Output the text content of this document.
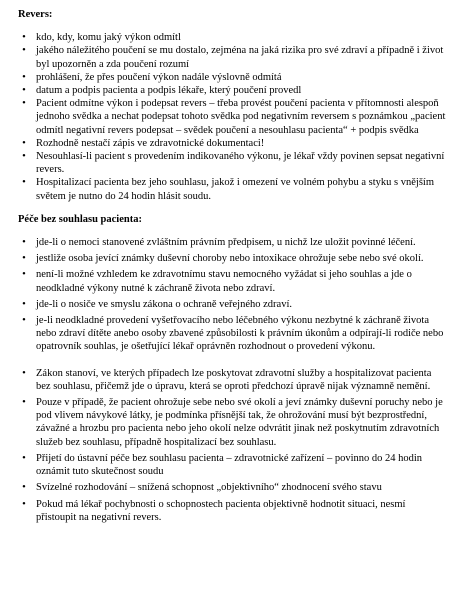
Revers:

• kdo, kdy, komu jaký výkon odmítl
• jakého náležitého poučení se mu dostalo, zejména na jaká rizika pro své zdraví a případně i život byl upozorněn a zda poučení rozumí
• prohlášení, že přes poučení výkon nadále výslovně odmítá
• datum a podpis pacienta a podpis lékaře, který poučení provedl
• Pacient odmítne výkon i podepsat revers – třeba provést poučení pacienta v přítomnosti alespoň jednoho svědka a nechat podepsat tohoto svědka pod negativním reversem s poznámkou „pacient odmítl negativní revers podepsat – svědek poučení a nesouhlasu pacienta“ + podpis svědka
• Rozhodně nestačí zápis ve zdravotnické dokumentaci!
• Nesouhlasí-li pacient s provedením indikovaného výkonu, je lékař vždy povinen sepsat negativní revers.
• Hospitalizací pacienta bez jeho souhlasu, jakož i omezení ve volném pohybu a styku s vnějším světem je nutno do 24 hodin hlásit soudu.

Péče bez souhlasu pacienta:

• jde-li o nemoci stanovené zvláštním právním předpisem, u nichž lze uložit povinné léčení.
• jestliže osoba jevící známky duševní choroby nebo intoxikace ohrožuje sebe nebo své okolí.
• není-li možné vzhledem ke zdravotnímu stavu nemocného vyžádat si jeho souhlas a jde o neodkladné výkony nutné k záchraně života nebo zdraví.
• jde-li o nosiče ve smyslu zákona o ochraně veřejného zdraví.
• je-li neodkladné provedení vyšetřovacího nebo léčebného výkonu nezbytné k záchraně života nebo zdraví dítěte anebo osoby zbavené způsobilosti k právním úkonům a odpírají-li rodiče nebo opatrovník souhlas, je ošetřující lékař oprávněn rozhodnout o provedení výkonu.
• Zákon stanoví, ve kterých případech lze poskytovat zdravotní služby a hospitalizovat pacienta bez souhlasu, přičemž jde o úpravu, která se oproti předchozí úpravě nijak významně nemění.
• Pouze v případě, že pacient ohrožuje sebe nebo své okolí a jeví známky duševní poruchy nebo je pod vlivem návykové látky, je podmínka přísnější tak, že ohrožování musí být bezprostřední, závažné a hrozbu pro pacienta nebo jeho okolí nelze odvrátit jinak než poskytnutím zdravotních služeb bez souhlasu, případně hospitalizací bez souhlasu.
• Přijetí do ústavní péče bez souhlasu pacienta – zdravotnické zařízení – povinno do 24 hodin oznámit tuto skutečnost soudu
• Svízelné rozhodování – snížená schopnost „objektivního“ zhodnocení svého stavu
• Pokud má lékař pochybnosti o schopnostech pacienta objektivně hodnotit situaci, nesmí přistoupit na negativní revers.
